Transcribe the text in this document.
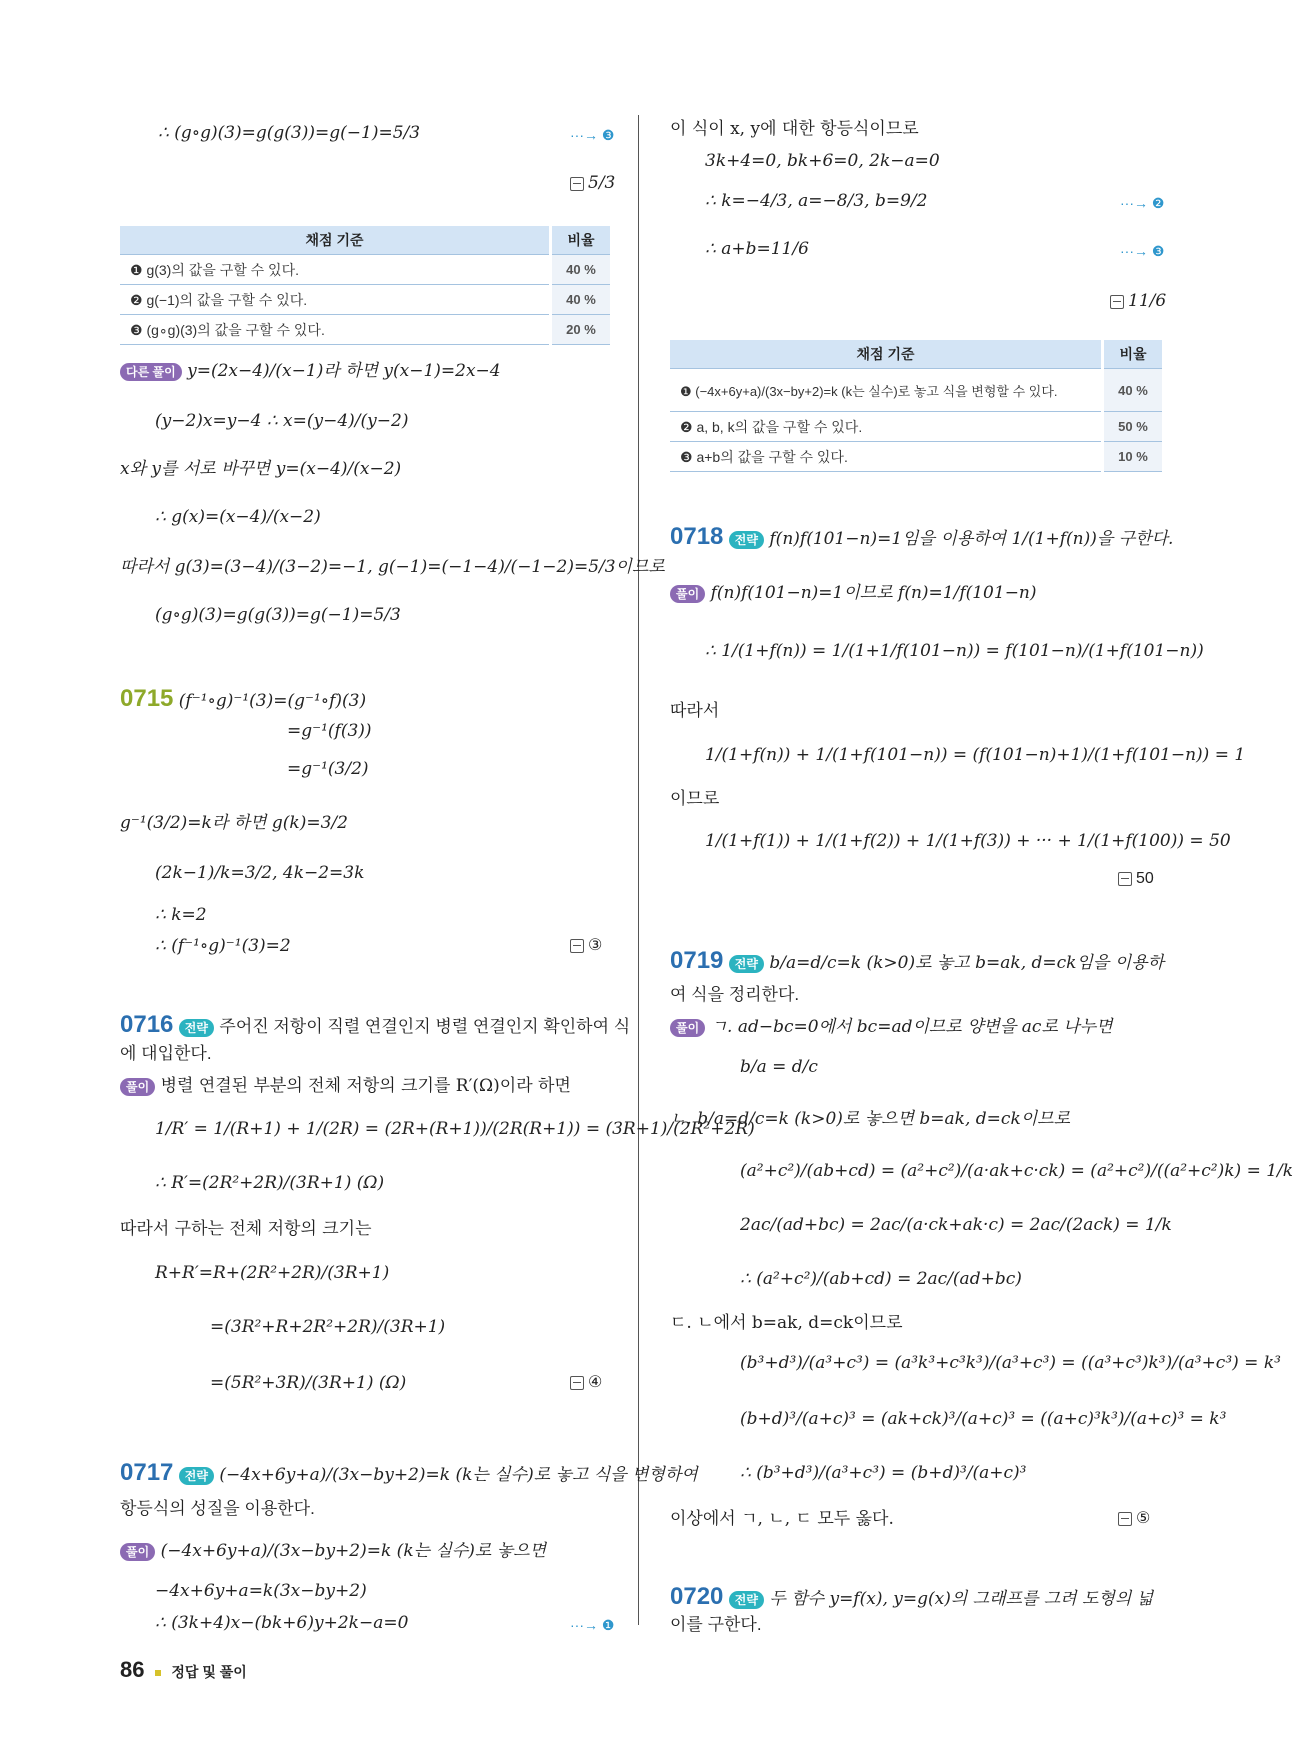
∴ (g∘g)(3)=g(g(3))=g(−1)=5/3	···→ ❸
5/3
채점 기준	비율
❶ g(3)의 값을 구할 수 있다.	40 %
❷ g(−1)의 값을 구할 수 있다.	40 %
❸ (g∘g)(3)의 값을 구할 수 있다.	20 %
다른 풀이 y=(2x−4)/(x−1)라 하면 y(x−1)=2x−4
(y−2)x=y−4 ∴ x=(y−4)/(y−2)
x와 y를 서로 바꾸면 y=(x−4)/(x−2)
∴ g(x)=(x−4)/(x−2)
따라서 g(3)=(3−4)/(3−2)=−1, g(−1)=(−1−4)/(−1−2)=5/3이므로
(g∘g)(3)=g(g(3))=g(−1)=5/3
0715 (f⁻¹∘g)⁻¹(3)=(g⁻¹∘f)(3)
=g⁻¹(f(3))
=g⁻¹(3/2)
g⁻¹(3/2)=k라 하면 g(k)=3/2
(2k−1)/k=3/2, 4k−2=3k
∴ k=2
∴ (f⁻¹∘g)⁻¹(3)=2	③
0716 전략 주어진 저항이 직렬 연결인지 병렬 연결인지 확인하여 식
에 대입한다.
풀이 병렬 연결된 부분의 전체 저항의 크기를 R′(Ω)이라 하면
1/R′ = 1/(R+1) + 1/(2R) = (2R+(R+1))/(2R(R+1)) = (3R+1)/(2R²+2R)
∴ R′=(2R²+2R)/(3R+1) (Ω)
따라서 구하는 전체 저항의 크기는
R+R′=R+(2R²+2R)/(3R+1)
=(3R²+R+2R²+2R)/(3R+1)
=(5R²+3R)/(3R+1) (Ω)	④
0717 전략 (−4x+6y+a)/(3x−by+2)=k (k는 실수)로 놓고 식을 변형하여
항등식의 성질을 이용한다.
풀이 (−4x+6y+a)/(3x−by+2)=k (k는 실수)로 놓으면
−4x+6y+a=k(3x−by+2)
∴ (3k+4)x−(bk+6)y+2k−a=0	···→ ❶
이 식이 x, y에 대한 항등식이므로
3k+4=0, bk+6=0, 2k−a=0
∴ k=−4/3, a=−8/3, b=9/2	···→ ❷
∴ a+b=11/6	···→ ❸
11/6
채점 기준	비율
❶ (−4x+6y+a)/(3x−by+2)=k (k는 실수)로 놓고 식을 변형할 수 있다.	40 %
❷ a, b, k의 값을 구할 수 있다.	50 %
❸ a+b의 값을 구할 수 있다.	10 %
0718 전략 f(n)f(101−n)=1임을 이용하여 1/(1+f(n))을 구한다.
풀이 f(n)f(101−n)=1이므로 f(n)=1/f(101−n)
∴ 1/(1+f(n)) = 1/(1+1/f(101−n)) = f(101−n)/(1+f(101−n))
따라서
1/(1+f(n)) + 1/(1+f(101−n)) = (f(101−n)+1)/(1+f(101−n)) = 1
이므로
1/(1+f(1)) + 1/(1+f(2)) + 1/(1+f(3)) + ··· + 1/(1+f(100)) = 50
50
0719 전략 b/a=d/c=k (k>0)로 놓고 b=ak, d=ck임을 이용하
여 식을 정리한다.
풀이 ㄱ. ad−bc=0에서 bc=ad이므로 양변을 ac로 나누면
b/a = d/c
ㄴ. b/a=d/c=k (k>0)로 놓으면 b=ak, d=ck이므로
(a²+c²)/(ab+cd) = (a²+c²)/(a·ak+c·ck) = (a²+c²)/((a²+c²)k) = 1/k
2ac/(ad+bc) = 2ac/(a·ck+ak·c) = 2ac/(2ack) = 1/k
∴ (a²+c²)/(ab+cd) = 2ac/(ad+bc)
ㄷ. ㄴ에서 b=ak, d=ck이므로
(b³+d³)/(a³+c³) = (a³k³+c³k³)/(a³+c³) = ((a³+c³)k³)/(a³+c³) = k³
(b+d)³/(a+c)³ = (ak+ck)³/(a+c)³ = ((a+c)³k³)/(a+c)³ = k³
∴ (b³+d³)/(a³+c³) = (b+d)³/(a+c)³
이상에서 ㄱ, ㄴ, ㄷ 모두 옳다.	⑤
0720 전략 두 함수 y=f(x), y=g(x)의 그래프를 그려 도형의 넓
이를 구한다.
86 정답 및 풀이
